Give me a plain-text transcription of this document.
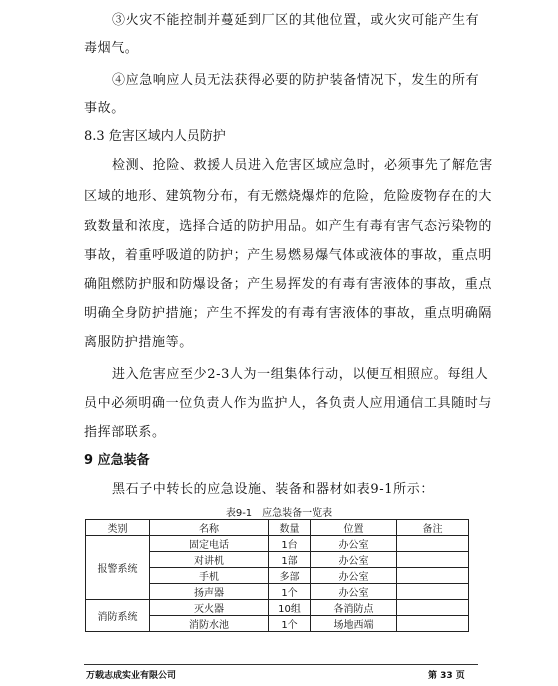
③火灾不能控制并蔓延到厂区的其他位置，或火灾可能产生有
毒烟气。
④应急响应人员无法获得必要的防护装备情况下，发生的所有
事故。
8.3 危害区域内人员防护
检测、抢险、救援人员进入危害区域应急时，必须事先了解危害
区域的地形、建筑物分布，有无燃烧爆炸的危险，危险废物存在的大
致数量和浓度，选择合适的防护用品。如产生有毒有害气态污染物的
事故，着重呼吸道的防护；产生易燃易爆气体或液体的事故，重点明
确阻燃防护服和防爆设备；产生易挥发的有毒有害液体的事故，重点
明确全身防护措施；产生不挥发的有毒有害液体的事故，重点明确隔
离服防护措施等。
进入危害应至少2-3人为一组集体行动，以便互相照应。每组人
员中必须明确一位负责人作为监护人，各负责人应用通信工具随时与
指挥部联系。
9 应急装备
黑石子中转长的应急设施、装备和器材如表9-1所示：
表9-1　应急装备一览表
类别	名称	数量	位置	备注
报警系统	固定电话	1台	办公室	
	对讲机	1部	办公室	
	手机	多部	办公室	
	扬声器	1个	办公室	
消防系统	灭火器	10组	各消防点	
	消防水池	1个	场地西端	
万载志成实业有限公司	第 33 页
